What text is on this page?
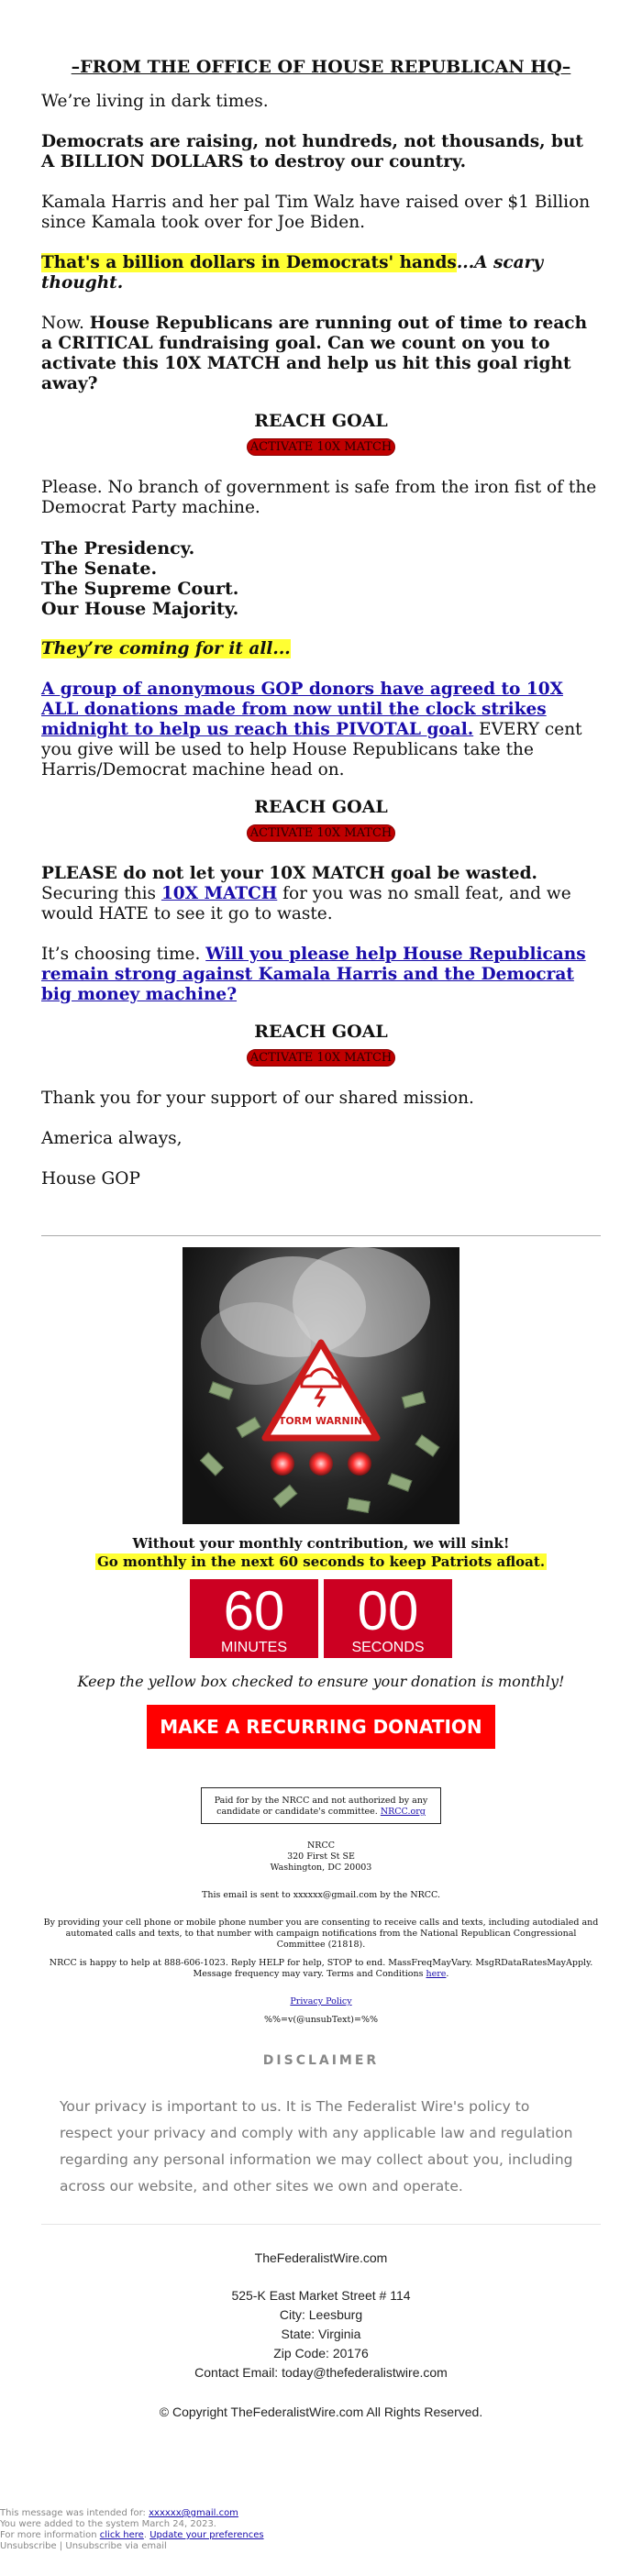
–FROM THE OFFICE OF HOUSE REPUBLICAN HQ–

We’re living in dark times.

Democrats are raising, not hundreds, not thousands, but A BILLION DOLLARS to destroy our country.

Kamala Harris and her pal Tim Walz have raised over $1 Billion since Kamala took over for Joe Biden.

That's a billion dollars in Democrats' hands...A scary thought.

Now. House Republicans are running out of time to reach a CRITICAL fundraising goal. Can we count on you to activate this 10X MATCH and help us hit this goal right away?

REACH GOAL
ACTIVATE 10X MATCH

Please. No branch of government is safe from the iron fist of the Democrat Party machine.

The Presidency.
The Senate.
The Supreme Court.
Our House Majority.

They’re coming for it all...

A group of anonymous GOP donors have agreed to 10X ALL donations made from now until the clock strikes midnight to help us reach this PIVOTAL goal. EVERY cent you give will be used to help House Republicans take the Harris/Democrat machine head on.

REACH GOAL
ACTIVATE 10X MATCH

PLEASE do not let your 10X MATCH goal be wasted. Securing this 10X MATCH for you was no small feat, and we would HATE to see it go to waste.

It’s choosing time. Will you please help House Republicans remain strong against Kamala Harris and the Democrat big money machine?

REACH GOAL
ACTIVATE 10X MATCH

Thank you for your support of our shared mission.

America always,

House GOP

STORM WARNING
Without your monthly contribution, we will sink!
Go monthly in the next 60 seconds to keep Patriots afloat.
60
MINUTES
00
SECONDS
Keep the yellow box checked to ensure your donation is monthly!
MAKE A RECURRING DONATION
Paid for by the NRCC and not authorized by any candidate or candidate's committee. NRCC.org
NRCC
320 First St SE
Washington, DC 20003
This email is sent to xxxxxx@gmail.com by the NRCC.
By providing your cell phone or mobile phone number you are consenting to receive calls and texts, including autodialed and automated calls and texts, to that number with campaign notifications from the National Republican Congressional Committee (21818).
NRCC is happy to help at 888-606-1023. Reply HELP for help, STOP to end. MassFreqMayVary. MsgRDataRatesMayApply. Message frequency may vary. Terms and Conditions here.
Privacy Policy
%%=v(@unsubText)=%%
DISCLAIMER
Your privacy is important to us. It is The Federalist Wire's policy to respect your privacy and comply with any applicable law and regulation regarding any personal information we may collect about you, including across our website, and other sites we own and operate.
TheFederalistWire.com
525-K East Market Street # 114
City: Leesburg
State: Virginia
Zip Code: 20176
Contact Email: today@thefederalistwire.com
© Copyright TheFederalistWire.com All Rights Reserved.
This message was intended for: xxxxxx@gmail.com
You were added to the system March 24, 2023.
For more information click here. Update your preferences
Unsubscribe | Unsubscribe via email
